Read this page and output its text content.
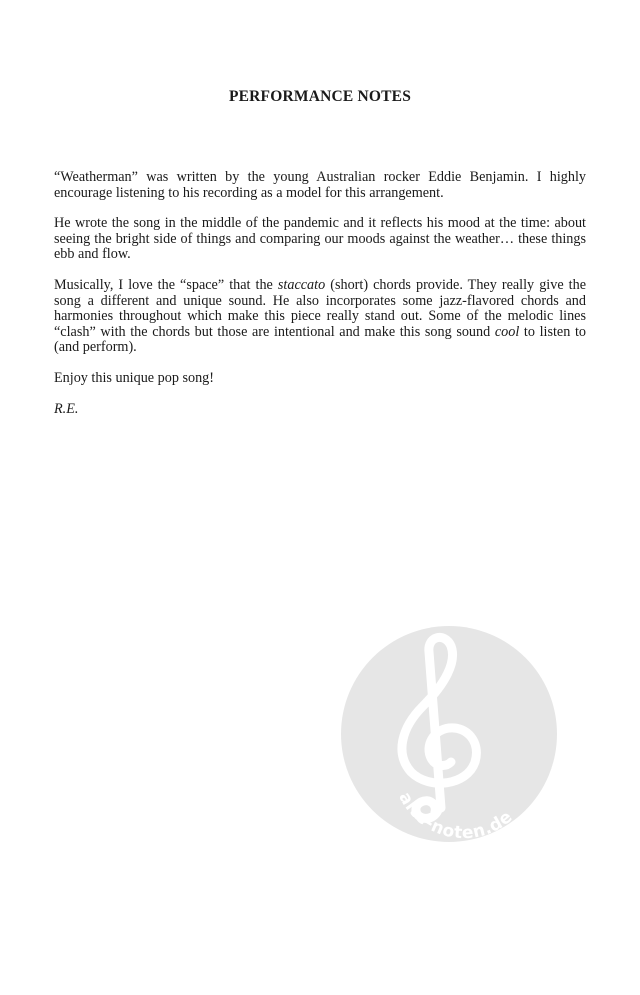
PERFORMANCE NOTES

“Weatherman” was written by the young Australian rocker Eddie Benjamin. I highly encourage listening to his recording as a model for this arrangement.

He wrote the song in the middle of the pandemic and it reflects his mood at the time: about seeing the bright side of things and comparing our moods against the weather… these things ebb and flow.

Musically, I love the “space” that the staccato (short) chords provide. They really give the song a different and unique sound. He also incorporates some jazz-flavored chords and harmonies throughout which make this piece really stand out. Some of the melodic lines “clash” with the chords but those are intentional and make this song sound cool to listen to (and perform).

Enjoy this unique pop song!

R.E.

alte-noten.de
